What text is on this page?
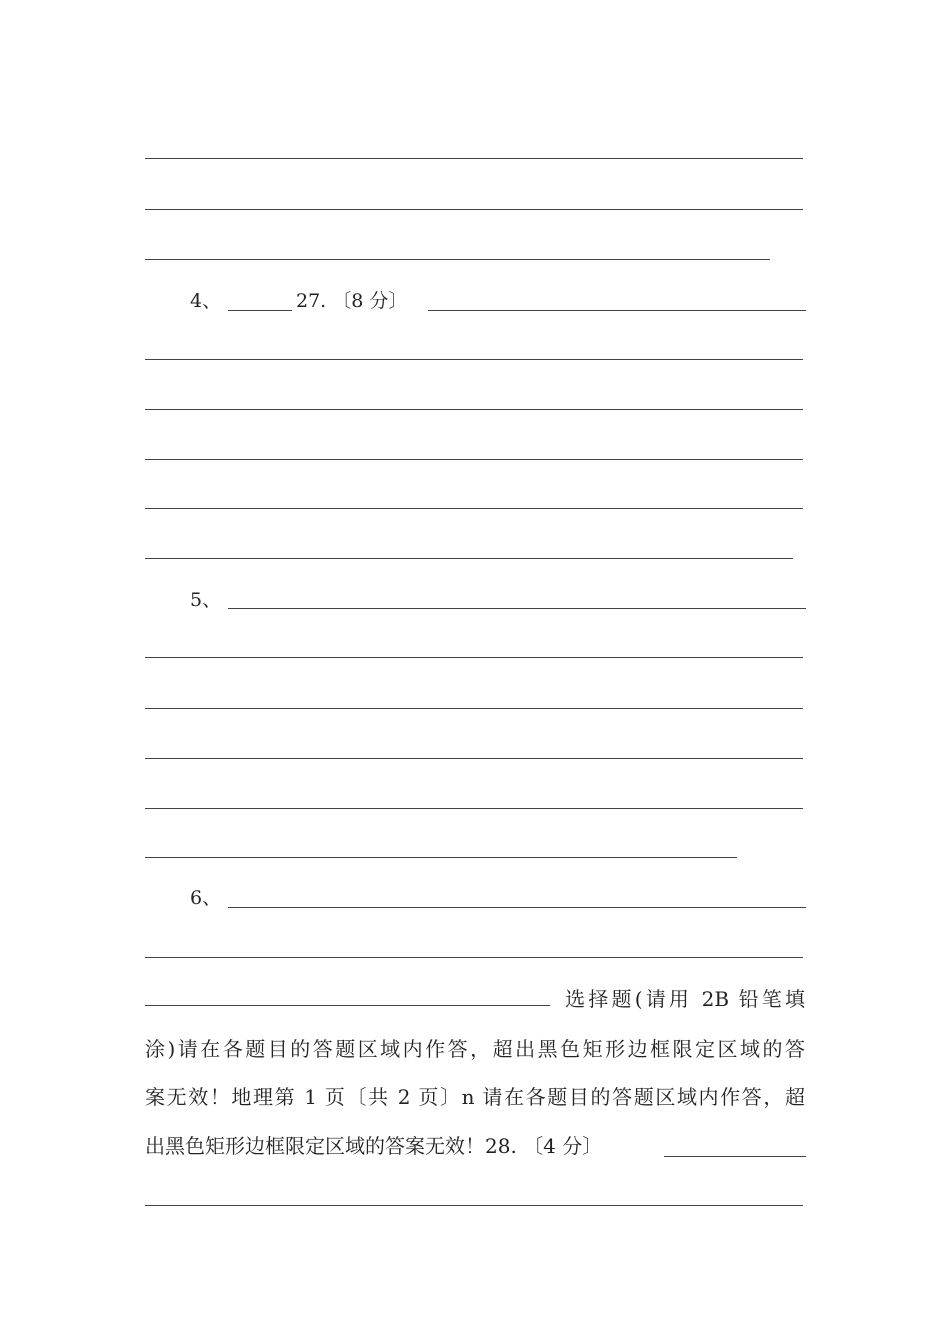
4、	27. 〔8 分〕
5、
6、
选择题(请用 2B 铅笔填
涂)请在各题目的答题区域内作答，超出黑色矩形边框限定区域的答
案无效！地理第 1 页〔共 2 页〕n 请在各题目的答题区域内作答，超
出黑色矩形边框限定区域的答案无效！28. 〔4 分〕
